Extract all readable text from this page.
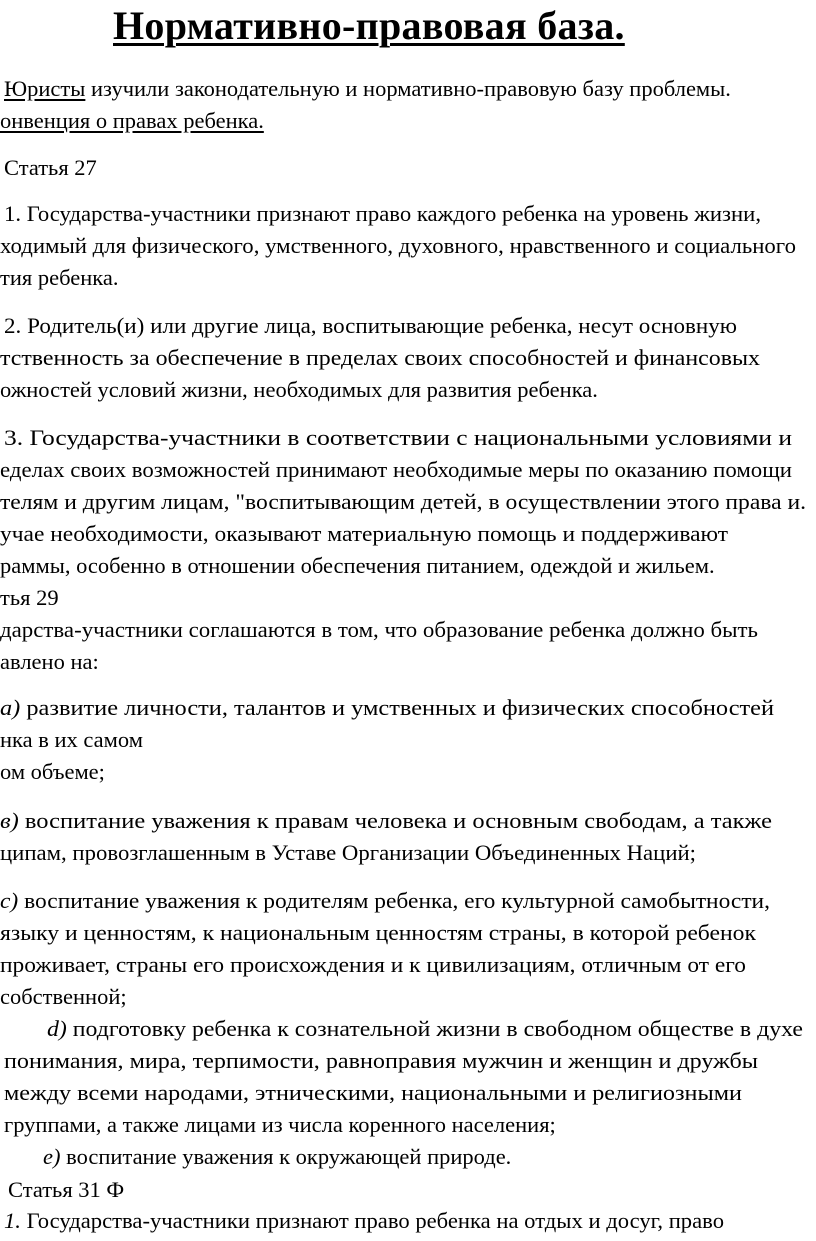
Нормативно-правовая база.

Юристы изучили законодательную и нормативно-правовую базу проблемы.

онвенция о правах ребенка.

Статья 27

1. Государства-участники признают право каждого ребенка на уровень жизни,

ходимый для физического, умственного, духовного, нравственного и социального

тия ребенка.

2. Родитель(и) или другие лица, воспитывающие ребенка, несут основную

тственность за обеспечение в пределах своих способностей и финансовых

ожностей условий жизни, необходимых для развития ребенка.

3. Государства-участники в соответствии с национальными условиями и

еделах своих возможностей принимают необходимые меры по оказанию помощи

телям и другим лицам, "воспитывающим детей, в осуществлении этого права и.

учае необходимости, оказывают материальную помощь и поддерживают

раммы, особенно в отношении обеспечения питанием, одеждой и жильем.

тья 29

дарства-участники соглашаются в том, что образование ребенка должно быть

авлено на:

а) развитие личности, талантов и умственных и физических способностей

нка в их самом

ом объеме;

в) воспитание уважения к правам человека и основным свободам, а также

ципам, провозглашенным в Уставе Организации Объединенных Наций;

с) воспитание уважения к родителям ребенка, его культурной самобытности,

языку и ценностям, к национальным ценностям страны, в которой ребенок

проживает, страны его происхождения и к цивилизациям, отличным от его

собственной;

d) подготовку ребенка к сознательной жизни в свободном обществе в духе

понимания, мира, терпимости, равноправия мужчин и женщин и дружбы

между всеми народами, этническими, национальными и религиозными

группами, а также лицами из числа коренного населения;

е) воспитание уважения к окружающей природе.

Статья 31 Ф

1. Государства-участники признают право ребенка на отдых и досуг, право
